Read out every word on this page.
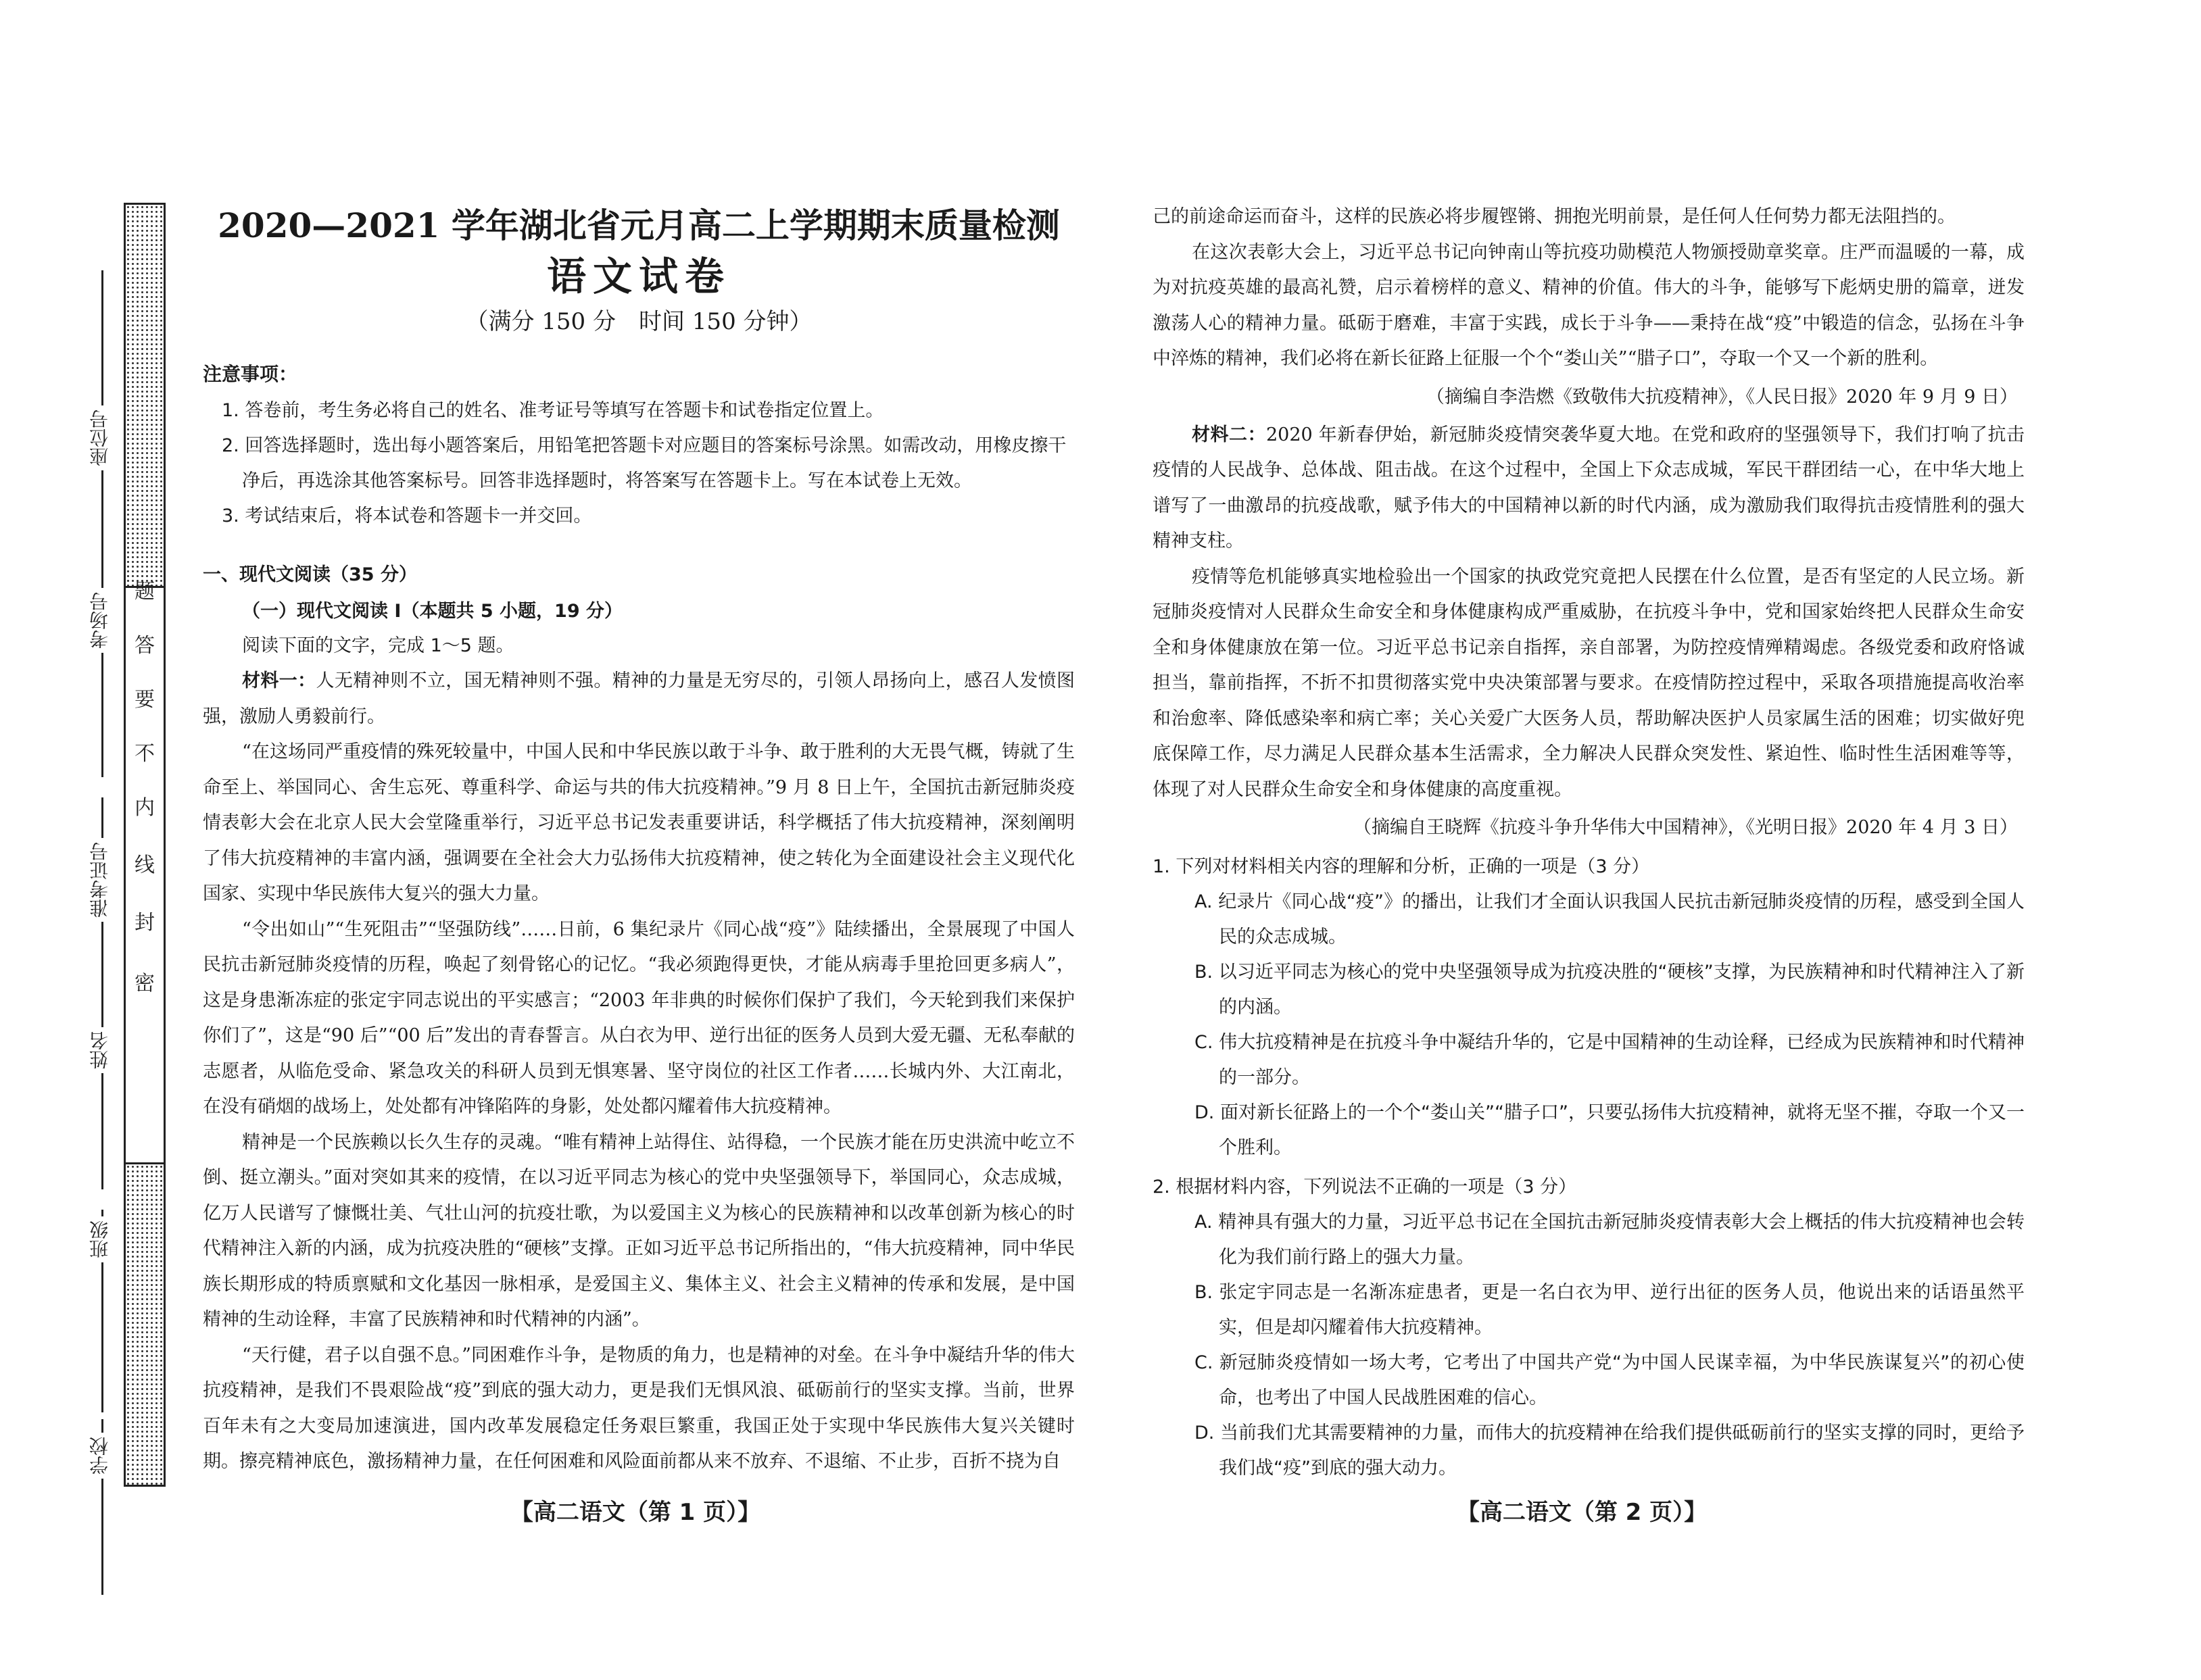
密
封
线
内
不
要
答
题
座位号
考场号
准考证号
姓名
班级
学校
2020—2021 学年湖北省元月高二上学期期末质量检测
语文试卷
（满分 150 分　时间 150 分钟）
注意事项：

1. 答卷前，考生务必将自己的姓名、准考证号等填写在答题卡和试卷指定位置上。

2. 回答选择题时，选出每小题答案后，用铅笔把答题卡对应题目的答案标号涂黑。如需改动，用橡皮擦干净后，再选涂其他答案标号。回答非选择题时，将答案写在答题卡上。写在本试卷上无效。

3. 考试结束后，将本试卷和答题卡一并交回。

一、现代文阅读（35 分）
（一）现代文阅读 I（本题共 5 小题，19 分）
阅读下面的文字，完成 1～5 题。

材料一：人无精神则不立，国无精神则不强。精神的力量是无穷尽的，引领人昂扬向上，感召人发愤图强，激励人勇毅前行。

“在这场同严重疫情的殊死较量中，中国人民和中华民族以敢于斗争、敢于胜利的大无畏气概，铸就了生命至上、举国同心、舍生忘死、尊重科学、命运与共的伟大抗疫精神。”9 月 8 日上午，全国抗击新冠肺炎疫情表彰大会在北京人民大会堂隆重举行，习近平总书记发表重要讲话，科学概括了伟大抗疫精神，深刻阐明了伟大抗疫精神的丰富内涵，强调要在全社会大力弘扬伟大抗疫精神，使之转化为全面建设社会主义现代化国家、实现中华民族伟大复兴的强大力量。

“令出如山”“生死阻击”“坚强防线”……日前，6 集纪录片《同心战“疫”》陆续播出，全景展现了中国人民抗击新冠肺炎疫情的历程，唤起了刻骨铭心的记忆。“我必须跑得更快，才能从病毒手里抢回更多病人”，这是身患渐冻症的张定宇同志说出的平实感言；“2003 年非典的时候你们保护了我们，今天轮到我们来保护你们了”，这是“90 后”“00 后”发出的青春誓言。从白衣为甲、逆行出征的医务人员到大爱无疆、无私奉献的志愿者，从临危受命、紧急攻关的科研人员到无惧寒暑、坚守岗位的社区工作者……长城内外、大江南北，在没有硝烟的战场上，处处都有冲锋陷阵的身影，处处都闪耀着伟大抗疫精神。

精神是一个民族赖以长久生存的灵魂。“唯有精神上站得住、站得稳，一个民族才能在历史洪流中屹立不倒、挺立潮头。”面对突如其来的疫情，在以习近平同志为核心的党中央坚强领导下，举国同心，众志成城，亿万人民谱写了慷慨壮美、气壮山河的抗疫壮歌，为以爱国主义为核心的民族精神和以改革创新为核心的时代精神注入新的内涵，成为抗疫决胜的“硬核”支撑。正如习近平总书记所指出的，“伟大抗疫精神，同中华民族长期形成的特质禀赋和文化基因一脉相承，是爱国主义、集体主义、社会主义精神的传承和发展，是中国精神的生动诠释，丰富了民族精神和时代精神的内涵”。

“天行健，君子以自强不息。”同困难作斗争，是物质的角力，也是精神的对垒。在斗争中凝结升华的伟大抗疫精神，是我们不畏艰险战“疫”到底的强大动力，更是我们无惧风浪、砥砺前行的坚实支撑。当前，世界百年未有之大变局加速演进，国内改革发展稳定任务艰巨繁重，我国正处于实现中华民族伟大复兴关键时期。擦亮精神底色，激扬精神力量，在任何困难和风险面前都从来不放弃、不退缩、不止步，百折不挠为自

己的前途命运而奋斗，这样的民族必将步履铿锵、拥抱光明前景，是任何人任何势力都无法阻挡的。

在这次表彰大会上，习近平总书记向钟南山等抗疫功勋模范人物颁授勋章奖章。庄严而温暖的一幕，成为对抗疫英雄的最高礼赞，启示着榜样的意义、精神的价值。伟大的斗争，能够写下彪炳史册的篇章，迸发激荡人心的精神力量。砥砺于磨难，丰富于实践，成长于斗争——秉持在战“疫”中锻造的信念，弘扬在斗争中淬炼的精神，我们必将在新长征路上征服一个个“娄山关”“腊子口”，夺取一个又一个新的胜利。

（摘编自李浩燃《致敬伟大抗疫精神》，《人民日报》2020 年 9 月 9 日）

材料二：2020 年新春伊始，新冠肺炎疫情突袭华夏大地。在党和政府的坚强领导下，我们打响了抗击疫情的人民战争、总体战、阻击战。在这个过程中，全国上下众志成城，军民干群团结一心，在中华大地上谱写了一曲激昂的抗疫战歌，赋予伟大的中国精神以新的时代内涵，成为激励我们取得抗击疫情胜利的强大精神支柱。

疫情等危机能够真实地检验出一个国家的执政党究竟把人民摆在什么位置，是否有坚定的人民立场。新冠肺炎疫情对人民群众生命安全和身体健康构成严重威胁，在抗疫斗争中，党和国家始终把人民群众生命安全和身体健康放在第一位。习近平总书记亲自指挥，亲自部署，为防控疫情殚精竭虑。各级党委和政府恪诚担当，靠前指挥，不折不扣贯彻落实党中央决策部署与要求。在疫情防控过程中，采取各项措施提高收治率和治愈率、降低感染率和病亡率；关心关爱广大医务人员，帮助解决医护人员家属生活的困难；切实做好兜底保障工作，尽力满足人民群众基本生活需求，全力解决人民群众突发性、紧迫性、临时性生活困难等等，体现了对人民群众生命安全和身体健康的高度重视。

（摘编自王晓辉《抗疫斗争升华伟大中国精神》，《光明日报》2020 年 4 月 3 日）

1. 下列对材料相关内容的理解和分析，正确的一项是（3 分）

A. 纪录片《同心战“疫”》的播出，让我们才全面认识我国人民抗击新冠肺炎疫情的历程，感受到全国人民的众志成城。

B. 以习近平同志为核心的党中央坚强领导成为抗疫决胜的“硬核”支撑，为民族精神和时代精神注入了新的内涵。

C. 伟大抗疫精神是在抗疫斗争中凝结升华的，它是中国精神的生动诠释，已经成为民族精神和时代精神的一部分。

D. 面对新长征路上的一个个“娄山关”“腊子口”，只要弘扬伟大抗疫精神，就将无坚不摧，夺取一个又一个胜利。

2. 根据材料内容，下列说法不正确的一项是（3 分）

A. 精神具有强大的力量，习近平总书记在全国抗击新冠肺炎疫情表彰大会上概括的伟大抗疫精神也会转化为我们前行路上的强大力量。

B. 张定宇同志是一名渐冻症患者，更是一名白衣为甲、逆行出征的医务人员，他说出来的话语虽然平实，但是却闪耀着伟大抗疫精神。

C. 新冠肺炎疫情如一场大考，它考出了中国共产党“为中国人民谋幸福，为中华民族谋复兴”的初心使命，也考出了中国人民战胜困难的信心。

D. 当前我们尤其需要精神的力量，而伟大的抗疫精神在给我们提供砥砺前行的坚实支撑的同时，更给予我们战“疫”到底的强大动力。

【高二语文（第 1 页）】	【高二语文（第 2 页）】
